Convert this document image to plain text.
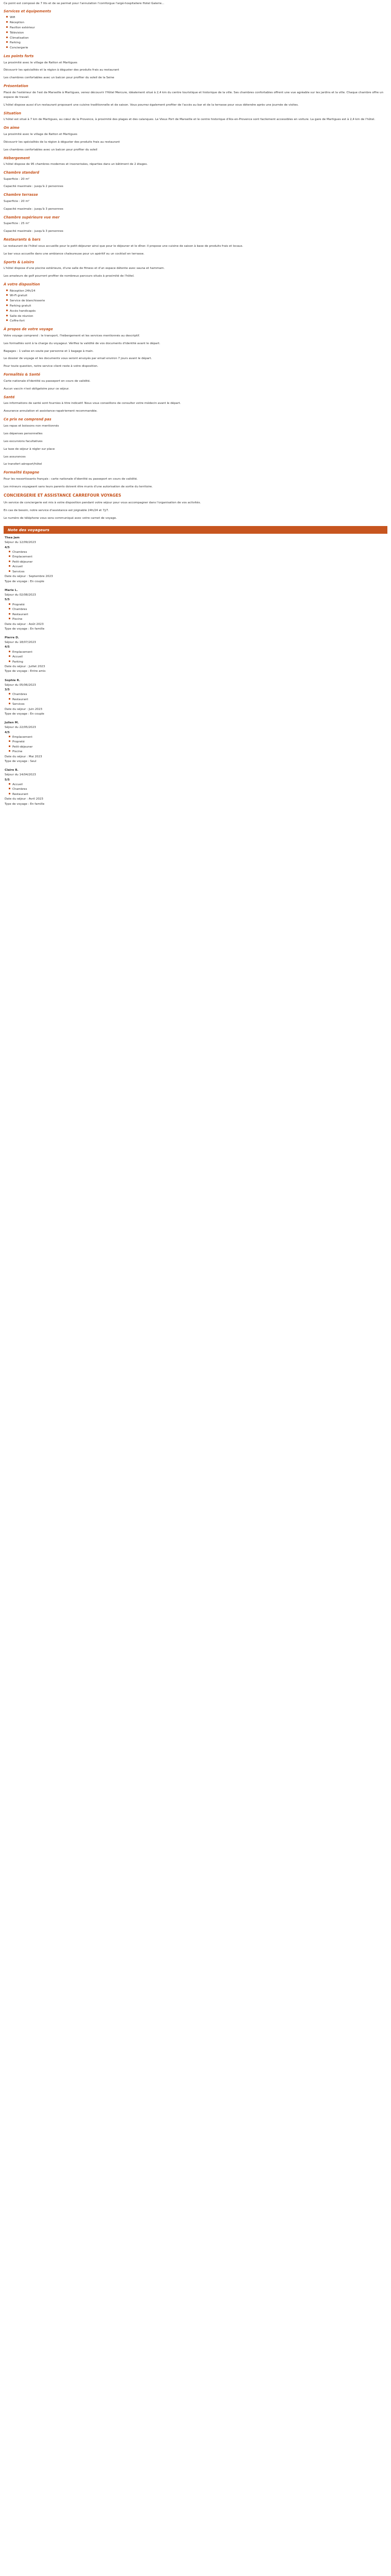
Ce point est composé de 7 lits et de se permet pour l'annulation l'comforgue l'argé-hospitaliere Hotel Galerie...

Services et équipements
Wifi
Réception
Pavillon extérieur
Télévision
Climatisation
Parking
Conciergerie
Les points forts

La proximité avec le village de Ratton et Martigues

Découvrir les spécialités et la région à déguster des produits frais au restaurant

Les chambres confortables avec un balcon pour profiter du soleil de la Seine

Présentation

Placé de l'extérieur de l'est de Marseille à Martigues, venez découvrir l'Hôtel Mercure, idéalement situé à 2,4 km du centre touristique et historique de la ville. Ses chambres confortables offrent une vue agréable sur les jardins et la ville. Chaque chambre offre un espace de travail.

L'hôtel dispose aussi d'un restaurant proposant une cuisine traditionnelle et de saison. Vous pourrez également profiter de l'accès au bar et de la terrasse pour vous détendre après une journée de visites.

Situation

L'hôtel est situé à 7 km de Martigues, au cœur de la Provence, à proximité des plages et des calanques. Le Vieux Port de Marseille et le centre historique d'Aix-en-Provence sont facilement accessibles en voiture. La gare de Martigues est à 2,4 km de l'hôtel.

On aime

La proximité avec le village de Ratton et Martigues

Découvrir les spécialités de la région à déguster des produits frais au restaurant

Les chambres confortables avec un balcon pour profiter du soleil

Hébergement

L'hôtel dispose de 95 chambres modernes et insonorisées, réparties dans un bâtiment de 2 étages.

Chambre standard

Superficie : 20 m²

Capacité maximale : jusqu'à 2 personnes

Chambre terrasse

Superficie : 20 m²

Capacité maximale : jusqu'à 3 personnes

Chambre supérieure vue mer

Superficie : 25 m²

Capacité maximale : jusqu'à 3 personnes

Restaurants & bars

Le restaurant de l'hôtel vous accueille pour le petit-déjeuner ainsi que pour le déjeuner et le dîner. Il propose une cuisine de saison à base de produits frais et locaux.

Le bar vous accueille dans une ambiance chaleureuse pour un apéritif ou un cocktail en terrasse.

Sports & Loisirs

L'hôtel dispose d'une piscine extérieure, d'une salle de fitness et d'un espace détente avec sauna et hammam.

Les amateurs de golf pourront profiter de nombreux parcours situés à proximité de l'hôtel.

À votre disposition
Réception 24h/24
Wi-Fi gratuit
Service de blanchisserie
Parking gratuit
Accès handicapés
Salle de réunion
Coffre-fort
À propos de votre voyage

Votre voyage comprend : le transport, l'hébergement et les services mentionnés au descriptif.

Les formalités sont à la charge du voyageur. Vérifiez la validité de vos documents d'identité avant le départ.

Bagages : 1 valise en soute par personne et 1 bagage à main.

Le dossier de voyage et les documents vous seront envoyés par email environ 7 jours avant le départ.

Pour toute question, notre service client reste à votre disposition.

Formalités & Santé

Carte nationale d'identité ou passeport en cours de validité.

Aucun vaccin n'est obligatoire pour ce séjour.

Santé

Les informations de santé sont fournies à titre indicatif. Nous vous conseillons de consulter votre médecin avant le départ.

Assurance annulation et assistance-rapatriement recommandée.

Ce prix ne comprend pas

Les repas et boissons non mentionnés

Les dépenses personnelles

Les excursions facultatives

La taxe de séjour à régler sur place

Les assurances

Le transfert aéroport/hôtel

Formalité Espagne

Pour les ressortissants français : carte nationale d'identité ou passeport en cours de validité.

Les mineurs voyageant sans leurs parents doivent être munis d'une autorisation de sortie du territoire.

CONCIERGERIE ET ASSISTANCE CARREFOUR VOYAGES

Un service de conciergerie est mis à votre disposition pendant votre séjour pour vous accompagner dans l'organisation de vos activités.

En cas de besoin, notre service d'assistance est joignable 24h/24 et 7j/7.

Le numéro de téléphone vous sera communiqué avec votre carnet de voyage.

Note des voyageurs
Thea Jam
Séjour du 12/09/2023
4/5
Chambres
Emplacement
Petit-déjeuner
Accueil
Services
Date du séjour : Septembre 2023
Type de voyage : En couple
Marie L.
Séjour du 02/08/2023
5/5
Propreté
Chambres
Restaurant
Piscine
Date du séjour : Août 2023
Type de voyage : En famille
Pierre D.
Séjour du 18/07/2023
4/5
Emplacement
Accueil
Parking
Date du séjour : Juillet 2023
Type de voyage : Entre amis
Sophie R.
Séjour du 05/06/2023
3/5
Chambres
Restaurant
Services
Date du séjour : Juin 2023
Type de voyage : En couple
Julien M.
Séjour du 22/05/2023
4/5
Emplacement
Propreté
Petit-déjeuner
Piscine
Date du séjour : Mai 2023
Type de voyage : Seul
Claire B.
Séjour du 14/04/2023
5/5
Accueil
Chambres
Restaurant
Date du séjour : Avril 2023
Type de voyage : En famille
